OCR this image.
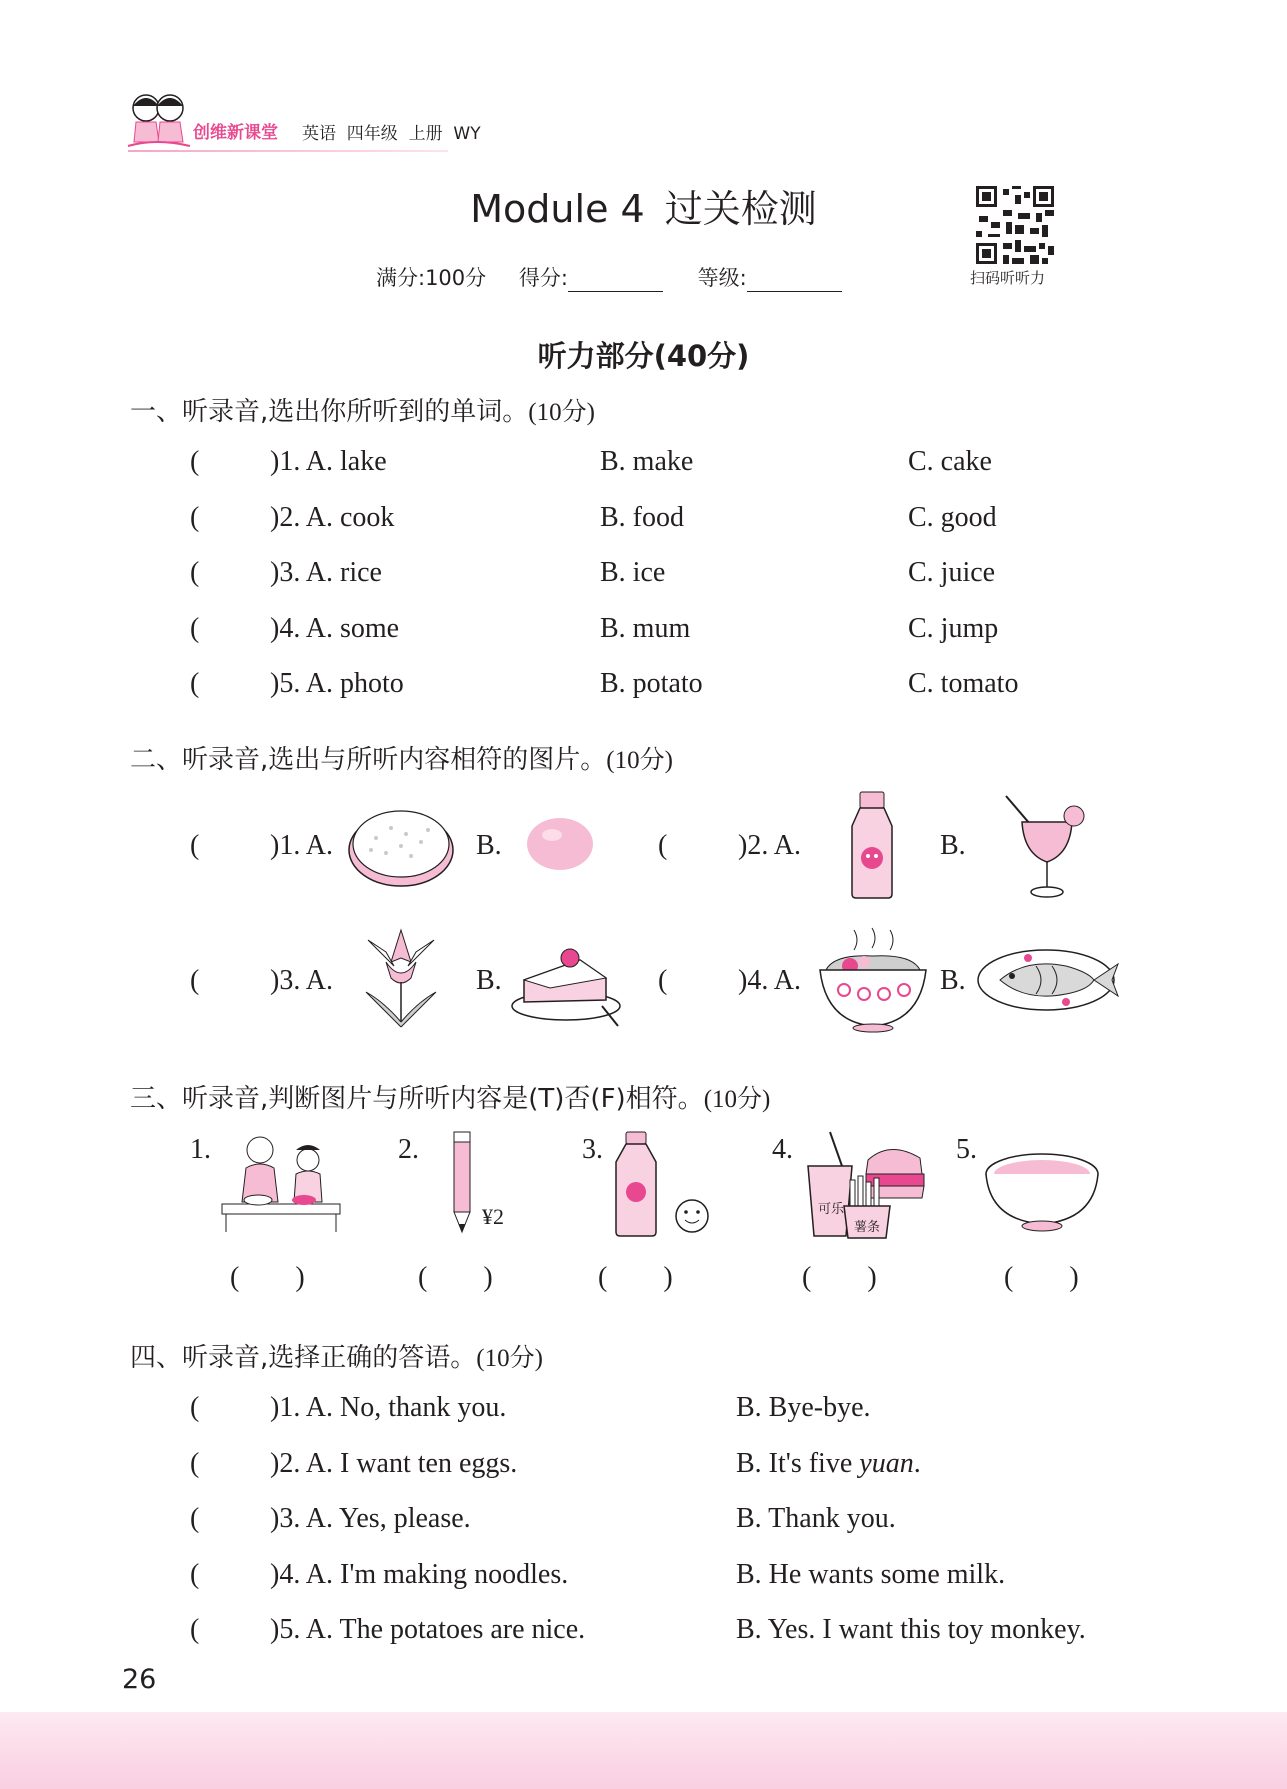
创维新课堂 英语  四年级  上册  WY
Module 4 过关检测
满分:100分 得分:	等级:	扫码听听力
听力部分(40分)
一、听录音,选出你所听到的单词。(10分)
(	)1. A. lake	B. make	C. cake
(	)2. A. cook	B. food	C. good
(	)3. A. rice	B. ice	C. juice
(	)4. A. some	B. mum	C. jump
(	)5. A. photo	B. potato	C. tomato
二、听录音,选出与所听内容相符的图片。(10分)
(	)1. A.	B.	(	)2. A.	B.
(	)3. A.	B.	(	)4. A.	B.
三、听录音,判断图片与所听内容是(T)否(F)相符。(10分)
1.	2.
¥2
3.	4.
可乐
薯条
5.
(  )	(  )	(  )	(  )	(  )
四、听录音,选择正确的答语。(10分)
(	)1. A. No, thank you.	B. Bye-bye.
(	)2. A. I want ten eggs.	B. It's five yuan.
(	)3. A. Yes, please.	B. Thank you.
(	)4. A. I'm making noodles.	B. He wants some milk.
(	)5. A. The potatoes are nice.	B. Yes. I want this toy monkey.
26
